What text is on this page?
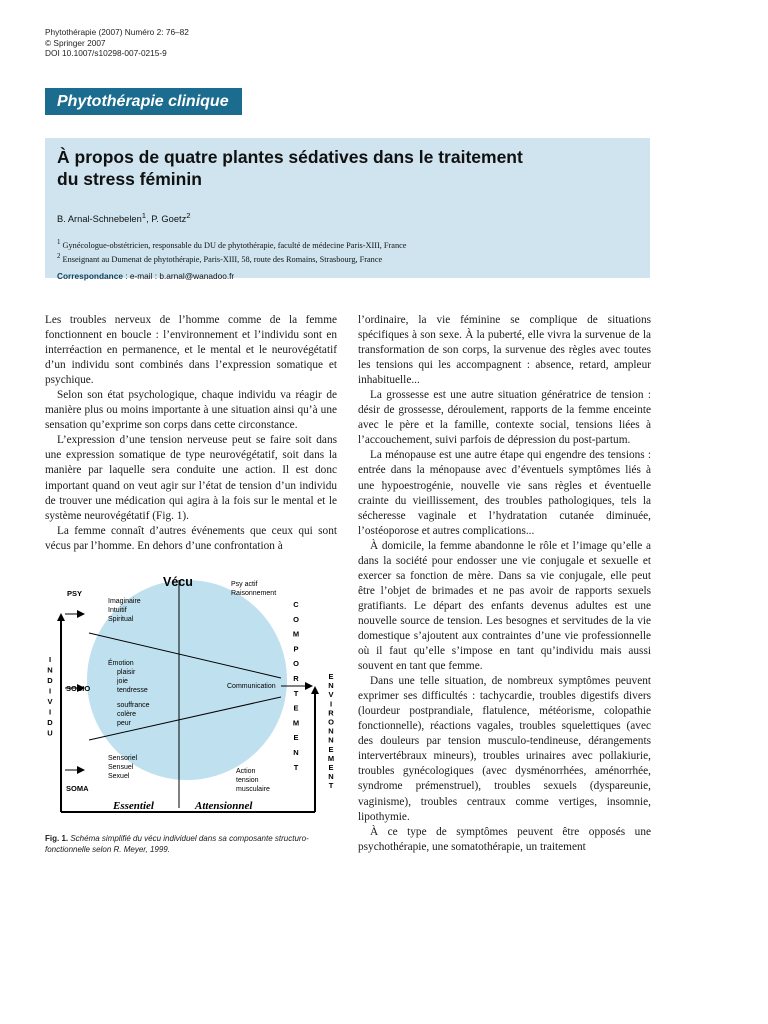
Phytothérapie (2007) Numéro 2: 76–82
© Springer 2007
DOI 10.1007/s10298-007-0215-9
Phytothérapie clinique
À propos de quatre plantes sédatives dans le traitement
du stress féminin
B. Arnal-Schnebelen$^1$, P. Goetz$^2$
$^1$ Gynécologue-obstétricien, responsable du DU de phytothérapie, faculté de médecine Paris-XIII, France
$^2$ Enseignant au Dumenat de phytothérapie, Paris-XIII, 58, route des Romains, Strasbourg, France
Correspondance : e-mail : b.arnal@wanadoo.fr

Les troubles nerveux de l’homme comme de la femme fonctionnent en boucle : l’environnement et l’individu sont en interréaction en permanence, et le mental et le neurovégétatif d’un individu sont combinés dans l’expression somatique et psychique.

Selon son état psychologique, chaque individu va réagir de manière plus ou moins importante à une situation ainsi qu’à une sensation qu’exprime son corps dans cette circonstance.

L’expression d’une tension nerveuse peut se faire soit dans une expression somatique de type neurovégétatif, soit dans la manière par laquelle sera conduite une action. Il est donc important quand on veut agir sur l’état de tension d’un individu de trouver une médication qui agira à la fois sur le mental et le système neurovégétatif (Fig. 1).

La femme connaît d’autres événements que ceux qui sont vécus par l’homme. En dehors d’une confrontation à

l’ordinaire, la vie féminine se complique de situations spécifiques à son sexe. À la puberté, elle vivra la survenue de la transformation de son corps, la survenue des règles avec toutes les tensions qui les accompagnent : absence, retard, ampleur inhabituelle...

La grossesse est une autre situation génératrice de tension : désir de grossesse, déroulement, rapports de la femme enceinte avec le père et la famille, contexte social, tensions liées à l’accouchement, suivi parfois de dépression du post-partum.

La ménopause est une autre étape qui engendre des tensions : entrée dans la ménopause avec d’éventuels symptômes liés à une hypoestrogénie, nouvelle vie sans règles et éventuelle crainte du vieillissement, des troubles pathologiques, tels la sécheresse vaginale et l’hydratation cutanée diminuée, l’ostéoporose et autres complications...

À domicile, la femme abandonne le rôle et l’image qu’elle a dans la société pour endosser une vie conjugale et sexuelle et exercer sa fonction de mère. Dans sa vie conjugale, elle peut être l’objet de brimades et ne pas avoir de rapports sexuels gratifiants. Le départ des enfants devenus adultes est une nouvelle source de tension. Les besognes et servitudes de la vie domestique s’ajoutent aux contraintes d’une vie professionnelle où il faut qu’elle s’impose en tant qu’individu mais aussi souvent en tant que femme.

Dans une telle situation, de nombreux symptômes peuvent exprimer ses difficultés : tachycardie, troubles digestifs divers (lourdeur postprandiale, flatulence, météorisme, colopathie fonctionnelle), réactions vagales, troubles squelettiques (avec des douleurs par tension musculo-tendineuse, dérangements intervertébraux mineurs), troubles urinaires avec pollakiurie, troubles gynécologiques (avec dysménorrhées, aménorrhée, syndrome prémenstruel), troubles sexuels (dyspareunie, vaginisme), troubles centraux comme vertiges, insomnie, lipothymie.

À ce type de symptômes peuvent être opposés une psychothérapie, une somatothérapie, un traitement

Vécu
PSY
SOCIO
SOMA
Imaginaire
Intuitif
Spiritual
Psy actif
Raisonnement
Émotion
plaisir
joie
tendresse
Communication
souffrance
colère
peur
Sensoriel
Sensuel
Sexuel
Action
tension
musculaire
Essentiel	Attensionnel
I
N
D
I
V
I
D
U
C
O
M
P
O
R
T
E
M
E
N
T
E
N
V
I
R
O
N
N
E
M
E
N
T
Fig. 1. Schéma simplifié du vécu individuel dans sa composante structuro-fonctionnelle selon R. Meyer, 1999.
